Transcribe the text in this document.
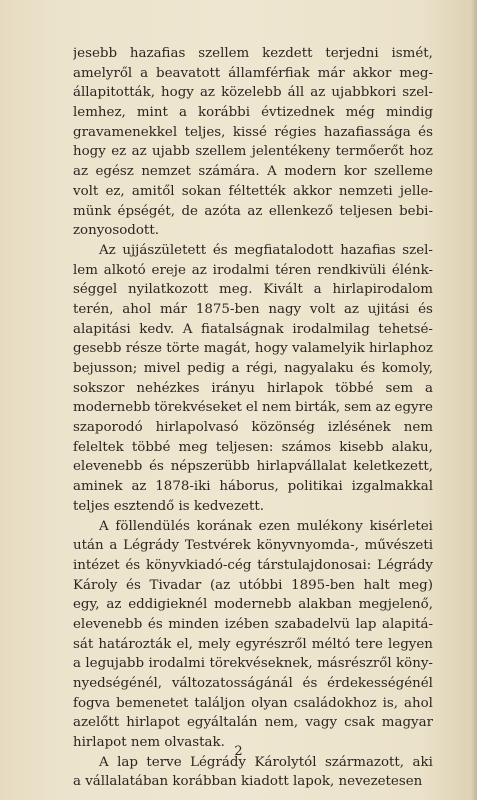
jesebb hazafias szellem kezdett terjedni ismét,
amelyről a beavatott államférfiak már akkor meg-
állapitották, hogy az közelebb áll az ujabbkori szel-
lemhez, mint a korábbi évtizednek még mindig
gravamenekkel teljes, kissé régies hazafiassága és
hogy ez az ujabb szellem jelentékeny termőerőt hoz
az egész nemzet számára. A modern kor szelleme
volt ez, amitől sokan féltették akkor nemzeti jelle-
münk épségét, de azóta az ellenkező teljesen bebi-
zonyosodott.
Az ujjászületett és megfiatalodott hazafias szel-
lem alkotó ereje az irodalmi téren rendkivüli élénk-
séggel nyilatkozott meg. Kivált a hirlapirodalom
terén, ahol már 1875-ben nagy volt az ujitási és
alapitási kedv. A fiatalságnak irodalmilag tehetsé-
gesebb része törte magát, hogy valamelyik hirlaphoz
bejusson; mivel pedig a régi, nagyalaku és komoly,
sokszor nehézkes irányu hirlapok többé sem a
modernebb törekvéseket el nem birták, sem az egyre
szaporodó hirlapolvasó közönség izlésének nem
feleltek többé meg teljesen: számos kisebb alaku,
elevenebb és népszerübb hirlapvállalat keletkezett,
aminek az 1878-iki háborus, politikai izgalmakkal
teljes esztendő is kedvezett.
A föllendülés korának ezen mulékony kisérletei
után a Légrády Testvérek könyvnyomda-, művészeti
intézet és könyvkiadó-cég társtulajdonosai: Légrády
Károly és Tivadar (az utóbbi 1895-ben halt meg)
egy, az eddigieknél modernebb alakban megjelenő,
elevenebb és minden izében szabadelvü lap alapitá-
sát határozták el, mely egyrészről méltó tere legyen
a legujabb irodalmi törekvéseknek, másrészről köny-
nyedségénél, változatosságánál és érdekességénél
fogva bemenetet találjon olyan családokhoz is, ahol
azelőtt hirlapot egyáltalán nem, vagy csak magyar
hirlapot nem olvastak.
A lap terve Légrády Károlytól származott, aki
a vállalatában korábban kiadott lapok, nevezetesen
2
